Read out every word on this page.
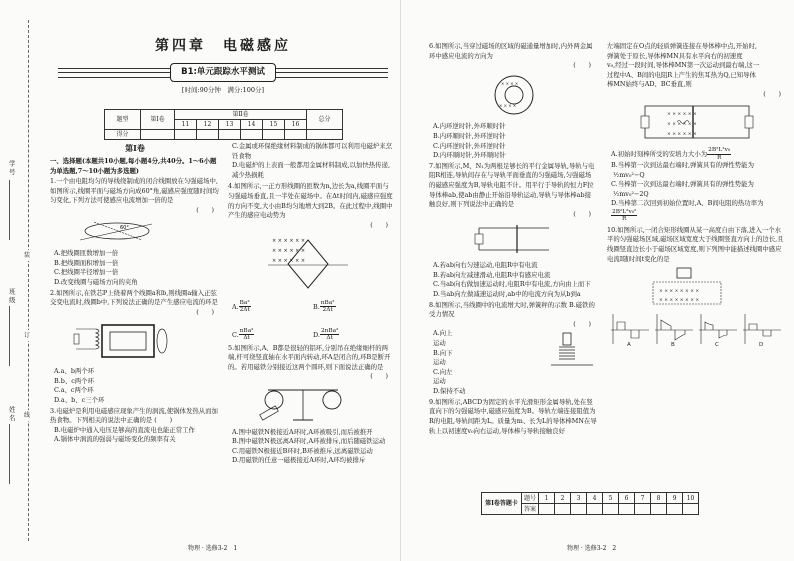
学号
班级
姓名
装
订
线
第四章　电磁感应
B1:单元跟踪水平测试
[时间:90分钟　满分:100分]
题型	第Ⅰ卷	第Ⅱ卷						总分
		11	12	13	14	15	16	
得分								
第Ⅰ卷
一、选择题(本题共10小题,每小题4分,共40分。1～6小题为单选题,7～10小题为多选题)
1.一个由电阻均匀的导线绕制成的闭合线圈放在匀强磁场中,如图所示,线圈平面与磁场方向成60°角,磁感应强度随时间均匀变化,下列方法可使感应电流增加一倍的是
(　　)
60°
A.把线圈匝数增加一倍
B.把线圈面积增加一倍
C.把线圈半径增加一倍
D.改变线圈与磁场方向的夹角
2.如图所示,在铁芯P上绕着两个线圈a和b,则线圈a输入正弦交变电流时,线圈b中,下列说法正确的是产生感应电流的环是
(　　)
A.a、b两个环
B.b、c两个环
C.a、c两个环
D.a、b、c三个环
3.电磁炉是利用电磁感应现象产生的涡流,使锅体发热从而加热食物。下列相关的说法中正确的是 (　　)
B.电磁炉中通入电压足够高的直流电也能正常工作
A.锅体中涡流的强弱与磁场变化的频率有关
C.金属或环保绝缘材料制成的锅体都可以利用电磁炉来烹饪食物
D.电磁炉的上表面一般都用金属材料制成,以加快热传递,减少热损耗
4.如图所示,一正方形线圈的匝数为n,边长为a,线圈平面与匀强磁场垂直,且一半处在磁场中。在Δt时间内,磁感应强度的方向不变,大小由B均匀地增大到2B。在此过程中,线圈中产生的感应电动势为
(　　)
× × × × × ×
× × × × × ×
× × × × × ×
A. $\frac{\text{Ba²}}{2\Delta t}$	B. $\frac{\text{nBa²}}{2\Delta t}$
C. $\frac{\text{nBa²}}{\Delta t}$	D. $\frac{\text{2nBa²}}{\Delta t}$
5.如图所示,A、B都是很轻的铝环,分别吊在绝缘细杆的两端,杆可绕竖直轴在水平面内转动,环A是闭合的,环B是断开的。若用磁铁分别接近这两个圆环,则下面说法正确的是
(　　)
A.图中磁铁N极接近A环时,A环被吸引,而后被推开
B.图中磁铁N极远离A环时,A环被排斥,而后随磁铁运动
C.用磁铁N极接近B环时,B环被推斥,远离磁铁运动
D.用磁铁的任意一磁极接近A环时,A环均被排斥
物理 · 选修3-2　1
6.如图所示,当穿过磁场的区域的磁通量增加时,内外两金属环中感应电流的方向为
(　　)
× × × ×
× × × ×
A.内环逆时针,外环顺时针
B.内环顺时针,外环逆时针
C.内环逆时针,外环逆时针
D.内环顺时针,外环顺时针
7.如图所示,M、N₁为两根足够长的平行金属导轨,导轨与电阻R相连,导轨间存在与导轨平面垂直的匀强磁场,匀强磁场的磁感应强度为B,导轨电阻不计。用平行于导轨的恒力F拉导体棒ab,使ab由静止开始沿导轨运动,导轨与导体棒ab接触良好,则下列说法中正确的是
(　　)
A.若ab向右匀速运动,电阻R中有电流
B.若ab向左减速滑动,电阻R中有感应电流
C.当ab向右做加速运动时,电阻R中有电流,方向由上而下
D.当ab向左做减速运动时,ab中的电流方向为从b到a
8.如图所示,当线圈中的电流增大时,弹簧秤的示数 B.磁铁的受力情况
(　　)
A.向上运动
B.向下运动
C.向左运动
D.保持不动
9.如图所示,ABCD为固定的水平光滑矩形金属导轨,处在竖直向下的匀强磁场中,磁感应强度为B。导轨左端连接阻值为R的电阻,导轨间距为L。质量为m、长为L的导体棒MN在导轨上以初速度v₀向右运动,导体棒与导轨接触良好
左端固定在O点的轻质弹簧连接在导体棒中点,开始时,
弹簧处于原长,导体棒MN具有水平向右的初速度
v₀,经过一段时间,导体棒MN第一次运动到最右端,这一
过程中A、B间的电阻R上产生的焦耳热为Q,已知导体
棒MN始终与AD、BC垂直,则
(　　)
× × × × × ×
× × × × × ×
× × × × × ×
A.初始时刻棒所受的安培力大小为 $\frac{\text{2B²L²v₀}}{R}$
B.当棒第一次到达最右端时,弹簧具有的弹性势能为
½mv₀²−Q
C.当棒第一次到达最右端时,弹簧具有的弹性势能为
½mv₀²−2Q
D.当棒第二次回到初始位置时,A、B间电阻的热功率为
$\frac{\text{2B²L²v₀²}}{R}$
10.如图所示,一闭合矩形线圈从某一高度自由下落,进入一个水平的匀强磁场区域,磁场区域宽度大于线圈竖直方向上的边长,且线圈竖直边长小于磁场区域宽度,则下列图中能描述线圈中感应电流I随时间t变化的是
× × × × × × × ×
× × × × × × × ×

A	B	C	D
第Ⅰ卷答题卡	题号	1	2	3	4	5	6	7	8	9	10
	答案										
物理 · 选修3-2　2
